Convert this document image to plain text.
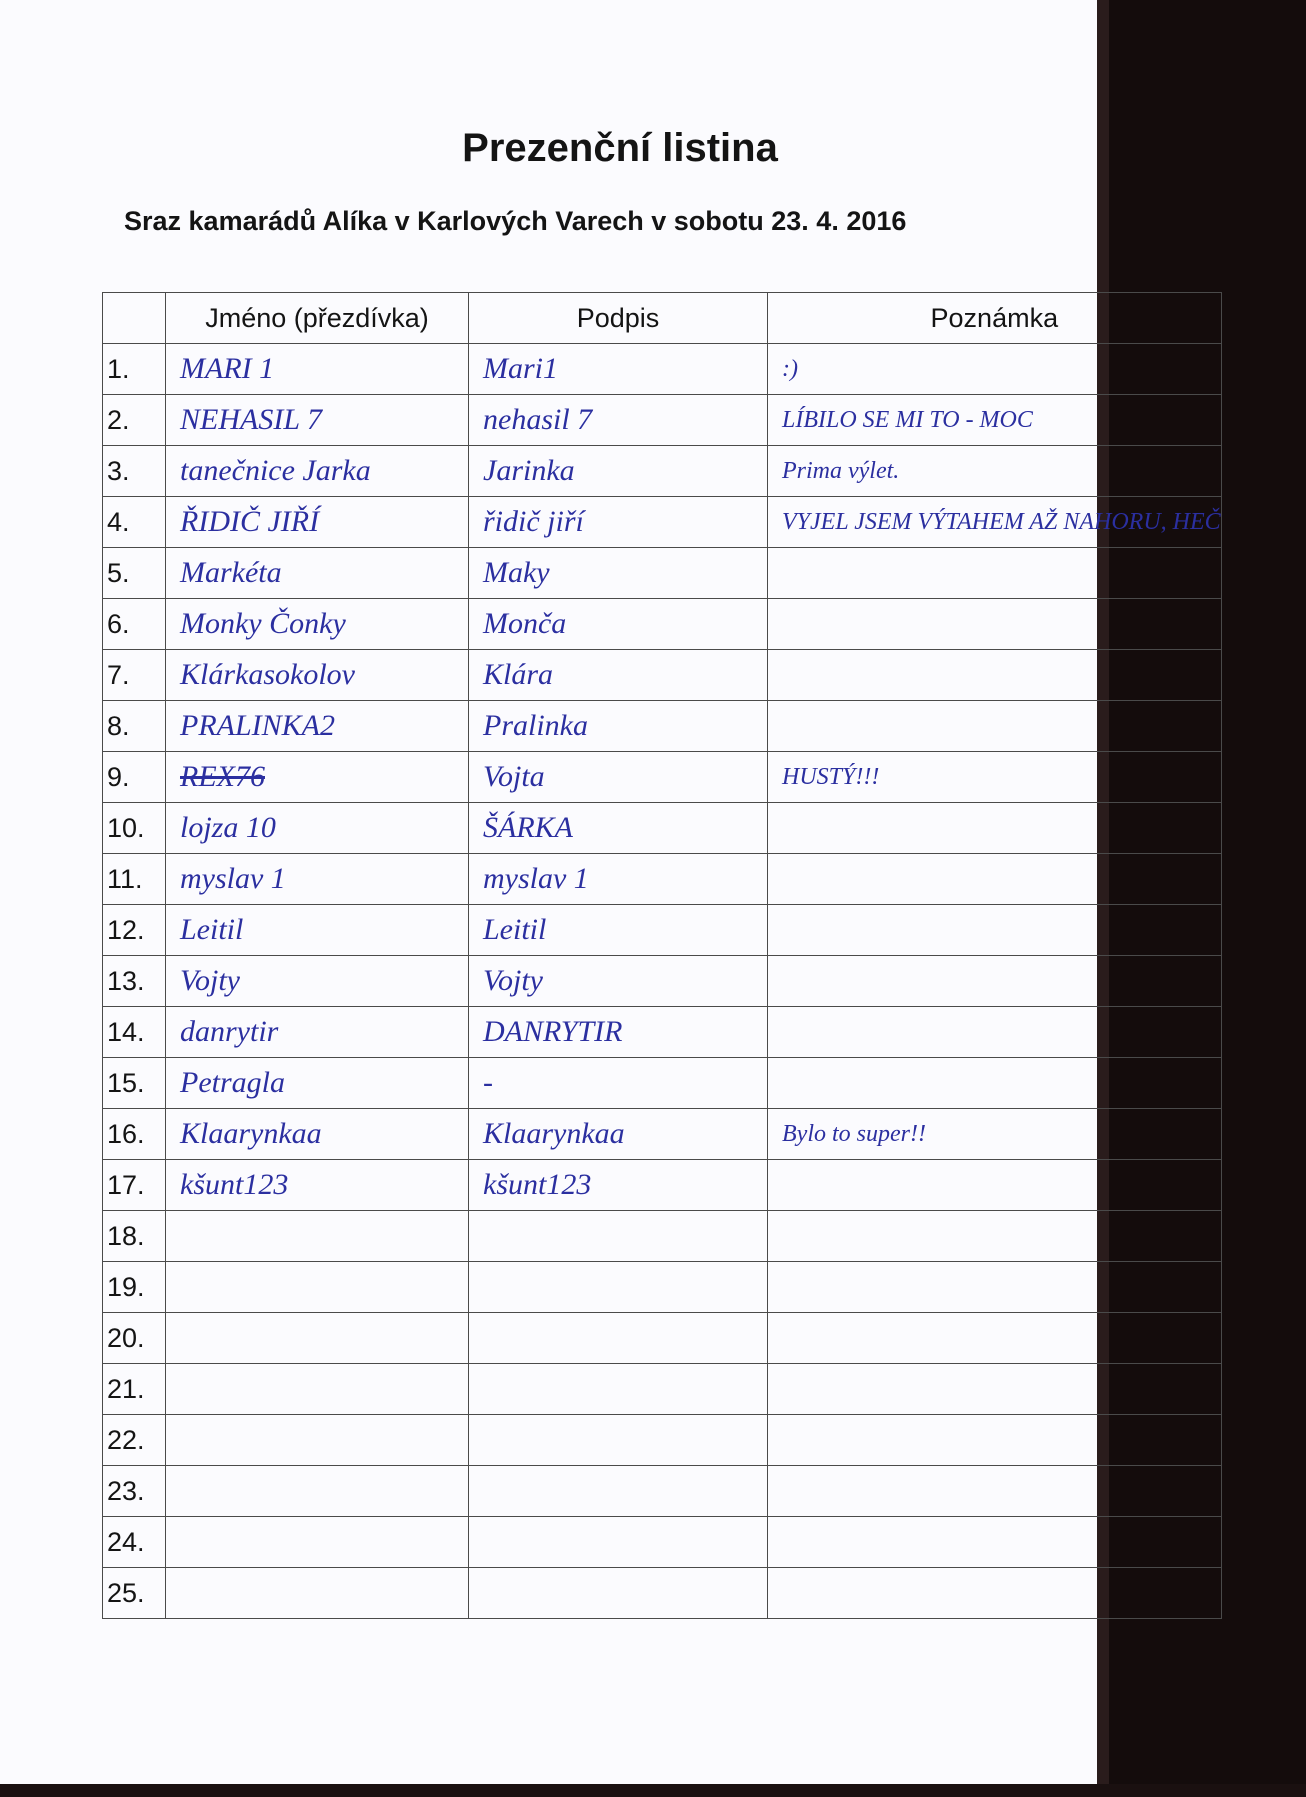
Prezenční listina
Sraz kamarádů Alíka v Karlových Varech v sobotu 23. 4. 2016
	Jméno (přezdívka)	Podpis	Poznámka
1.	MARI 1	Mari1	:)
2.	NEHASIL 7	nehasil 7	LÍBILO SE MI TO - MOC
3.	tanečnice Jarka	Jarinka	Prima výlet.
4.	ŘIDIČ JIŘÍ	řidič jiří	VYJEL JSEM VÝTAHEM AŽ NAHORU, HEČ
5.	Markéta	Maky	
6.	Monky Čonky	Monča	
7.	Klárkasokolov	Klára	
8.	PRALINKA2	Pralinka	
9.	REX76	Vojta	HUSTÝ!!!
10.	lojza 10	ŠÁRKA	
11.	myslav 1	myslav 1	
12.	Leitil	Leitil	
13.	Vojty	Vojty	
14.	danrytir	DANRYTIR	
15.	Petragla	-	
16.	Klaarynkaa	Klaarynkaa	Bylo to super!!
17.	kšunt123	kšunt123	
18.			
19.			
20.			
21.			
22.			
23.			
24.			
25.			
